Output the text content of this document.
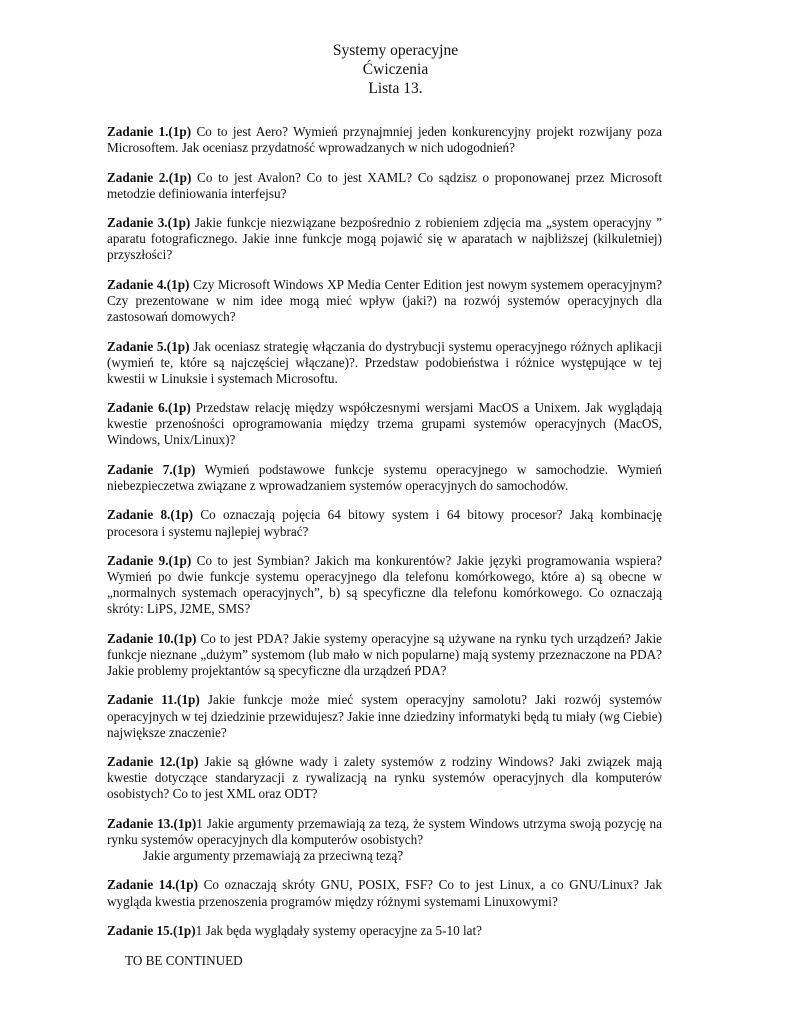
Systemy operacyjne
Ćwiczenia
Lista 13.

Zadanie 1.(1p) Co to jest Aero? Wymień przynajmniej jeden konkurencyjny projekt rozwijany poza Microsoftem. Jak oceniasz przydatność wprowadzanych w nich udogodnień?

Zadanie 2.(1p) Co to jest Avalon? Co to jest XAML? Co sądzisz o proponowanej przez Microsoft metodzie definiowania interfejsu?

Zadanie 3.(1p) Jakie funkcje niezwiązane bezpośrednio z robieniem zdjęcia ma „system operacyjny ” aparatu fotograficznego. Jakie inne funkcje mogą pojawić się w aparatach w najbliższej (kilkuletniej) przyszłości?

Zadanie 4.(1p) Czy Microsoft Windows XP Media Center Edition jest nowym systemem operacyjnym? Czy prezentowane w nim idee mogą mieć wpływ (jaki?) na rozwój systemów operacyjnych dla zastosowań domowych?

Zadanie 5.(1p) Jak oceniasz strategię włączania do dystrybucji systemu operacyjnego różnych aplikacji (wymień te, które są najczęściej włączane)?. Przedstaw podobieństwa i różnice występujące w tej kwestii w Linuksie i systemach Microsoftu.

Zadanie 6.(1p) Przedstaw relację między współczesnymi wersjami MacOS a Unixem. Jak wyglądają kwestie przenośności oprogramowania między trzema grupami systemów operacyjnych (MacOS, Windows, Unix/Linux)?

Zadanie 7.(1p) Wymień podstawowe funkcje systemu operacyjnego w samochodzie. Wymień niebezpieczetwa związane z wprowadzaniem systemów operacyjnych do samochodów.

Zadanie 8.(1p) Co oznaczają pojęcia 64 bitowy system i 64 bitowy procesor? Jaką kombinację procesora i systemu najlepiej wybrać?

Zadanie 9.(1p) Co to jest Symbian? Jakich ma konkurentów? Jakie języki programowania wspiera? Wymień po dwie funkcje systemu operacyjnego dla telefonu komórkowego, które a) są obecne w „normalnych systemach operacyjnych”, b) są specyficzne dla telefonu komórkowego. Co oznaczają skróty: LiPS, J2ME, SMS?

Zadanie 10.(1p) Co to jest PDA? Jakie systemy operacyjne są używane na rynku tych urządzeń? Jakie funkcje nieznane „dużym” systemom (lub mało w nich popularne) mają systemy przeznaczone na PDA? Jakie problemy projektantów są specyficzne dla urządzeń PDA?

Zadanie 11.(1p) Jakie funkcje może mieć system operacyjny samolotu? Jaki rozwój systemów operacyjnych w tej dziedzinie przewidujesz? Jakie inne dziedziny informatyki będą tu miały (wg Ciebie) największe znaczenie?

Zadanie 12.(1p) Jakie są główne wady i zalety systemów z rodziny Windows? Jaki związek mają kwestie dotyczące standaryzacji z rywalizacją na rynku systemów operacyjnych dla komputerów osobistych? Co to jest XML oraz ODT?

Zadanie 13.(1p)1 Jakie argumenty przemawiają za tezą, że system Windows utrzyma swoją pozycję na rynku systemów operacyjnych dla komputerów osobistych?
Jakie argumenty przemawiają za przeciwną tezą?

Zadanie 14.(1p) Co oznaczają skróty GNU, POSIX, FSF? Co to jest Linux, a co GNU/Linux? Jak wygląda kwestia przenoszenia programów między różnymi systemami Linuxowymi?

Zadanie 15.(1p)1 Jak będa wyglądały systemy operacyjne za 5-10 lat?

TO BE CONTINUED
